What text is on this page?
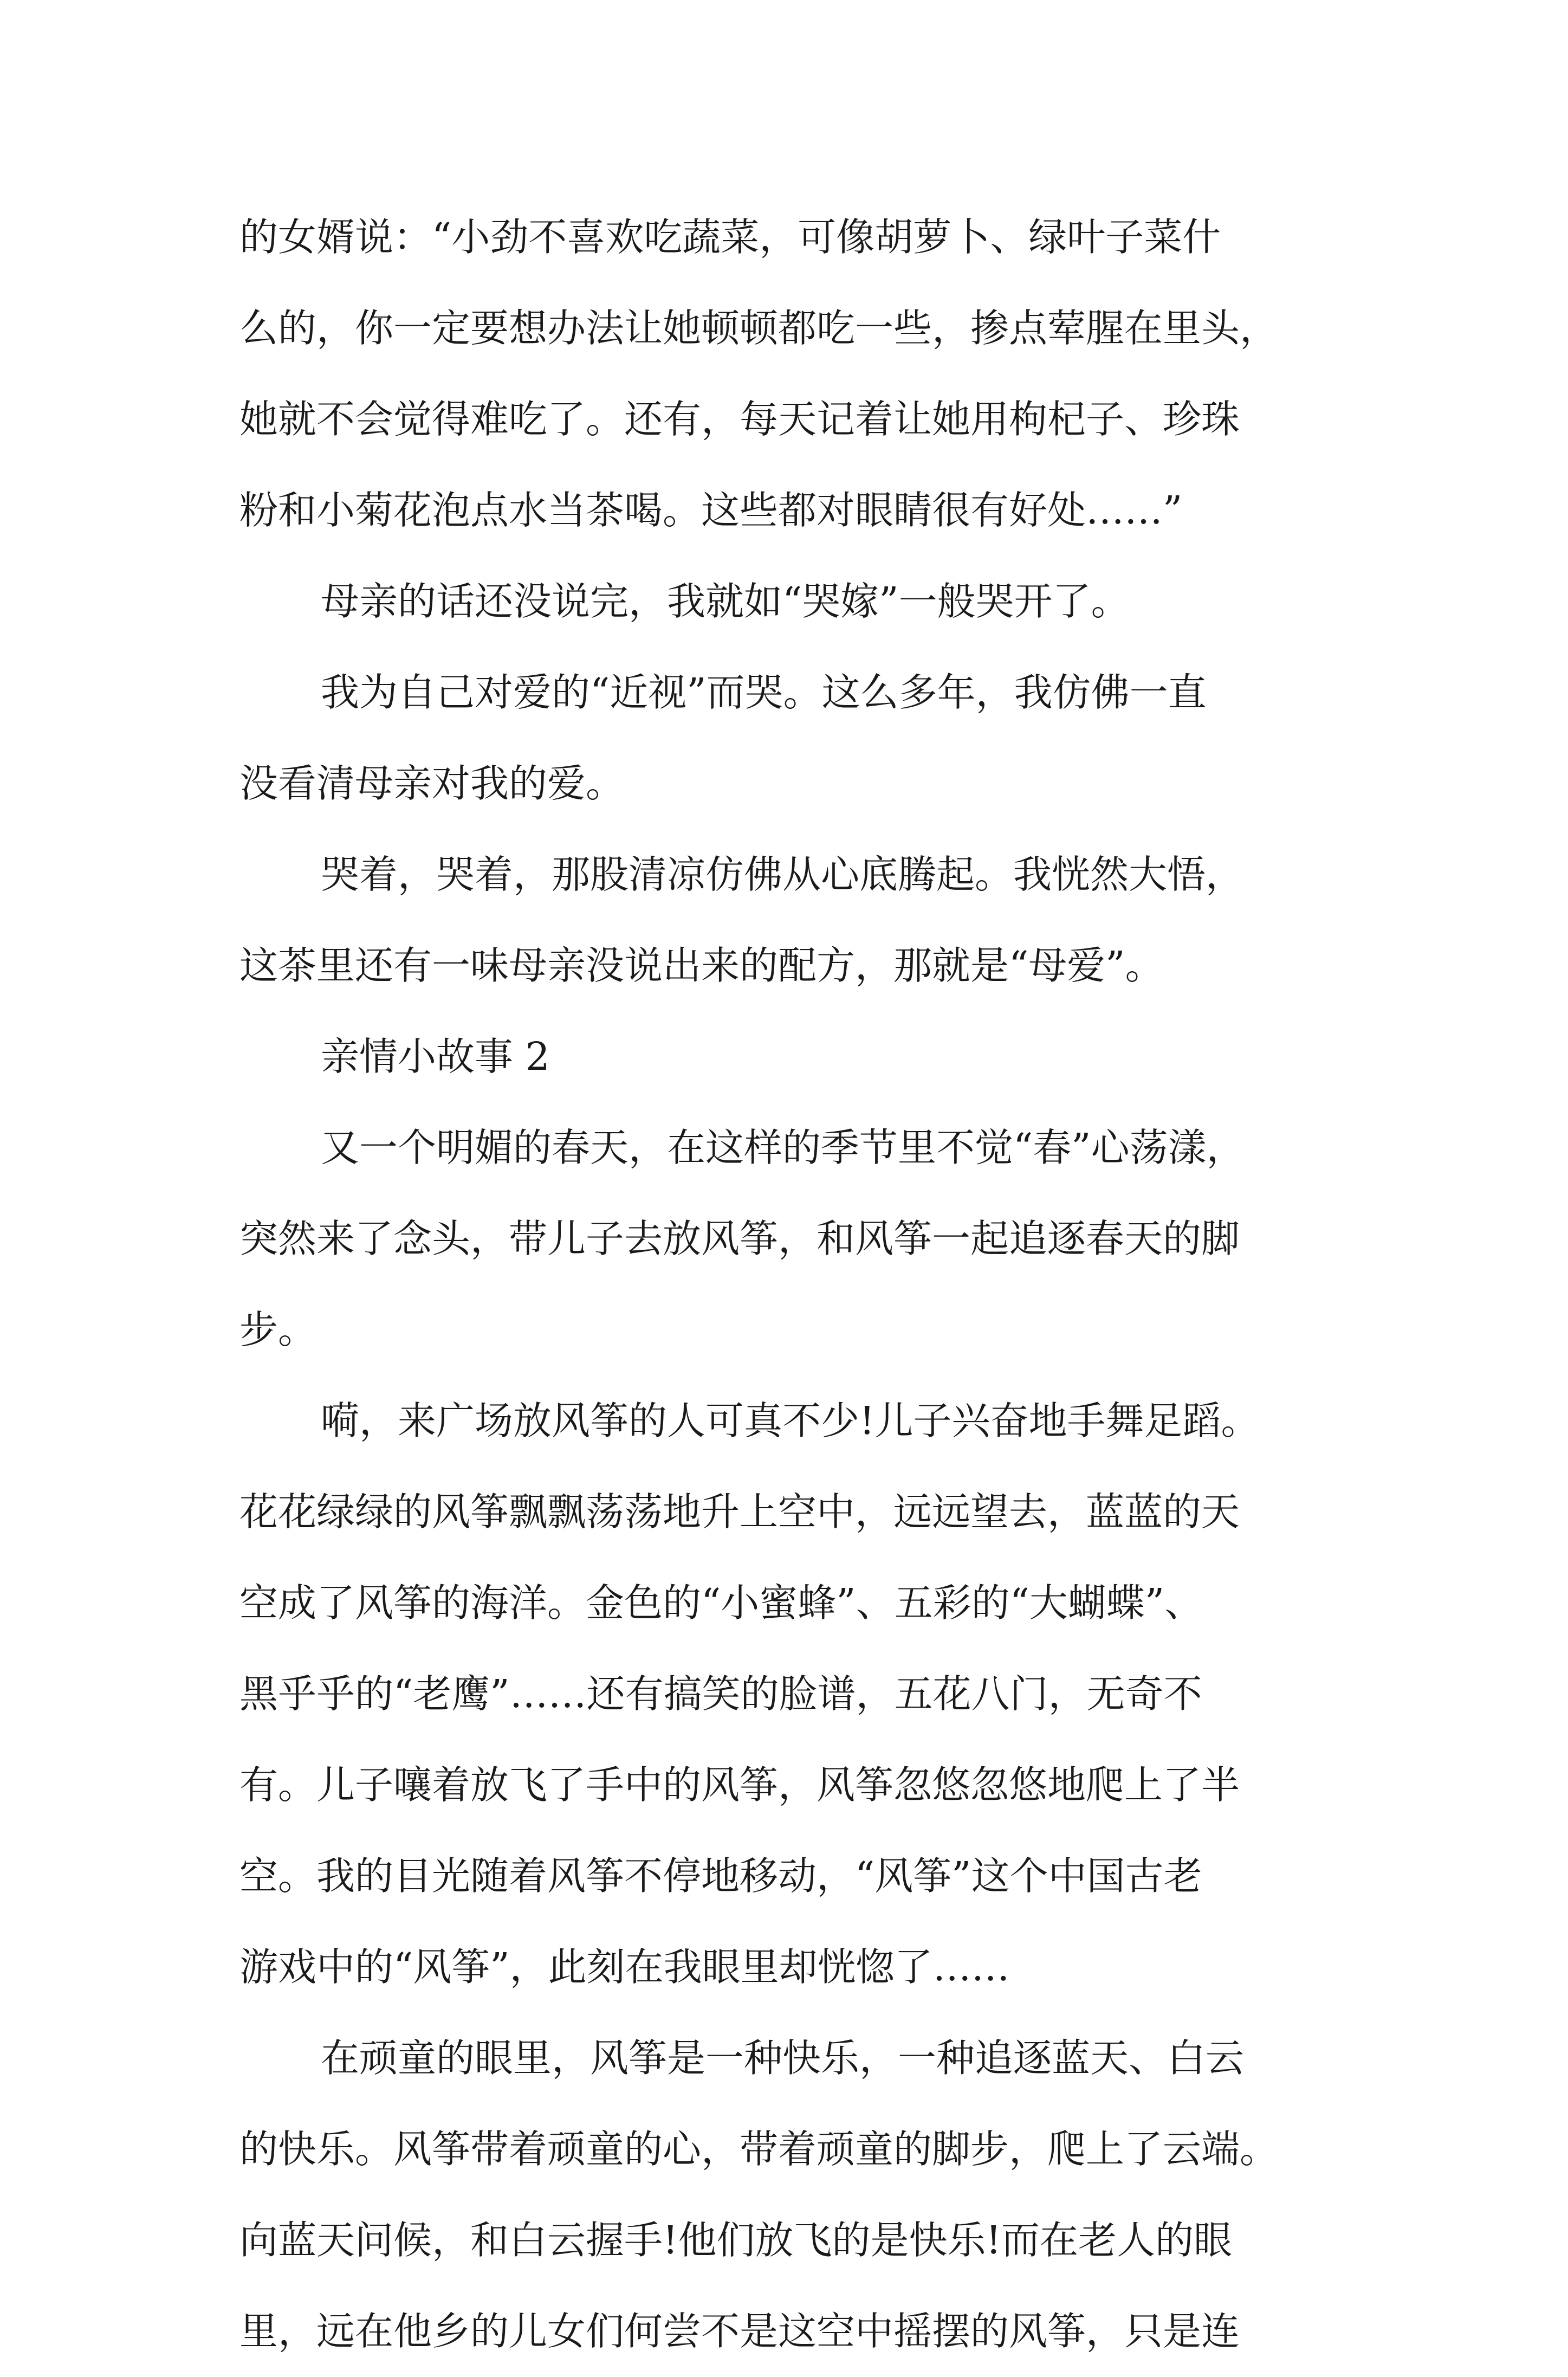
的女婿说：“小劲不喜欢吃蔬菜，可像胡萝卜、绿叶子菜什
么的，你一定要想办法让她顿顿都吃一些，掺点荤腥在里头，
她就不会觉得难吃了。还有，每天记着让她用枸杞子、珍珠
粉和小菊花泡点水当茶喝。这些都对眼睛很有好处……”
母亲的话还没说完，我就如“哭嫁”一般哭开了。
我为自己对爱的“近视”而哭。这么多年，我仿佛一直
没看清母亲对我的爱。
哭着，哭着，那股清凉仿佛从心底腾起。我恍然大悟，
这茶里还有一味母亲没说出来的配方，那就是“母爱”。
亲情小故事 2
又一个明媚的春天，在这样的季节里不觉“春”心荡漾，
突然来了念头，带儿子去放风筝，和风筝一起追逐春天的脚
步。
嗬，来广场放风筝的人可真不少!儿子兴奋地手舞足蹈。
花花绿绿的风筝飘飘荡荡地升上空中，远远望去，蓝蓝的天
空成了风筝的海洋。金色的“小蜜蜂”、五彩的“大蝴蝶”、
黑乎乎的“老鹰”……还有搞笑的脸谱，五花八门，无奇不
有。儿子嚷着放飞了手中的风筝，风筝忽悠忽悠地爬上了半
空。我的目光随着风筝不停地移动，“风筝”这个中国古老
游戏中的“风筝”，此刻在我眼里却恍惚了……
在顽童的眼里，风筝是一种快乐，一种追逐蓝天、白云
的快乐。风筝带着顽童的心，带着顽童的脚步，爬上了云端。
向蓝天问候，和白云握手!他们放飞的是快乐!而在老人的眼
里，远在他乡的儿女们何尝不是这空中摇摆的风筝，只是连
